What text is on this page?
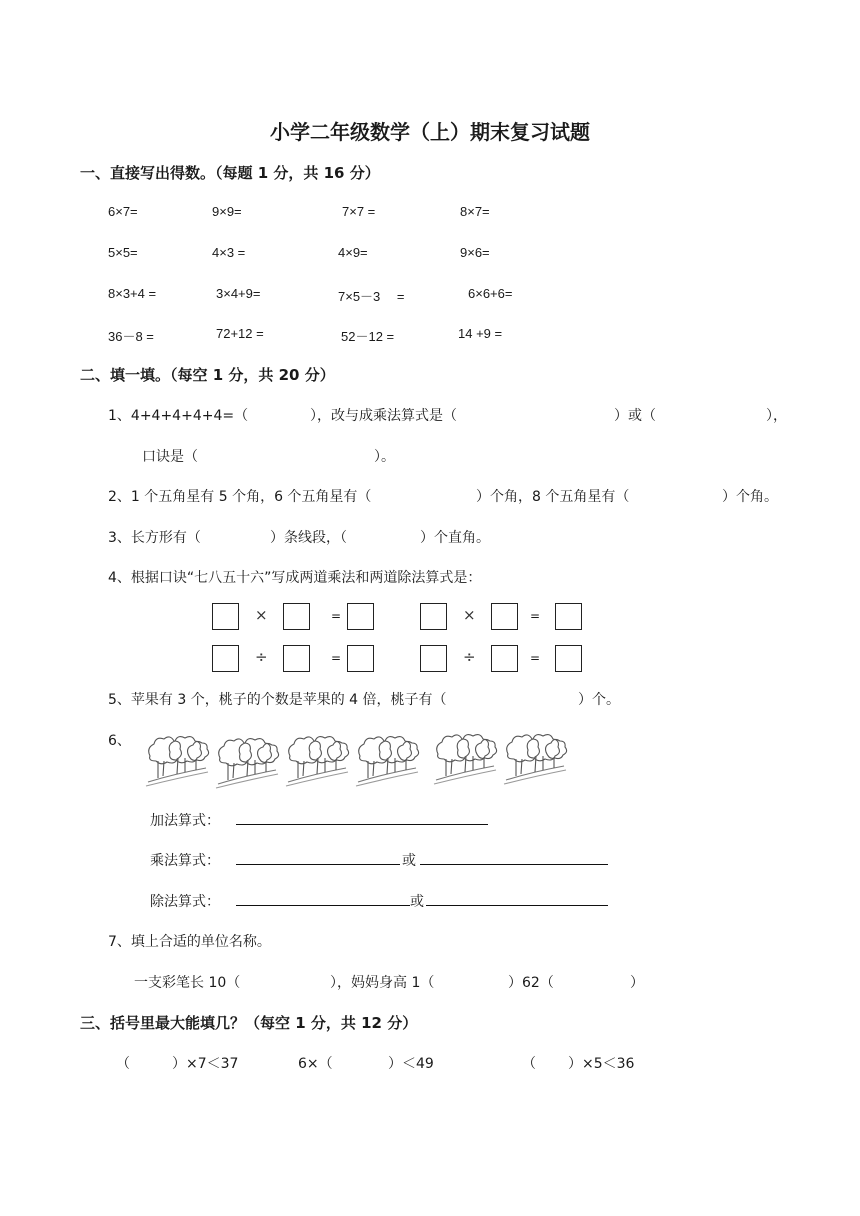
小学二年级数学（上）期末复习试题
一、直接写出得数。（每题 1 分，共 16 分）
6×7=	9×9=	7×7 =	8×7=
5×5=	4×3 =	4×9=	9×6=
8×3+4 =	3×4+9=	7×5－3　 =	6×6+6=
36－8 =	72+12 =	52－12 =	14 +9 =
二、填一填。（每空 1 分，共 20 分）
1、4+4+4+4+4=（	），改与成乘法算式是（	）或（	），
口诀是（	）。
2、1 个五角星有 5 个角，6 个五角星有（	）个角，8 个五角星有（	）个角。
3、长方形有（	）条线段，（	）个直角。
4、根据口诀“七八五十六”写成两道乘法和两道除法算式是：
×	=	×	=
÷	=	÷	=
5、苹果有 3 个，桃子的个数是苹果的 4 倍，桃子有（	）个。
6、
加法算式：
乘法算式：	或
除法算式：	或
7、填上合适的单位名称。
一支彩笔长 10（	），妈妈身高 1（	）62（	）
三、括号里最大能填几？（每空 1 分，共 12 分）
（	）×7＜37	6×（	）＜49	（ ）×5＜36
